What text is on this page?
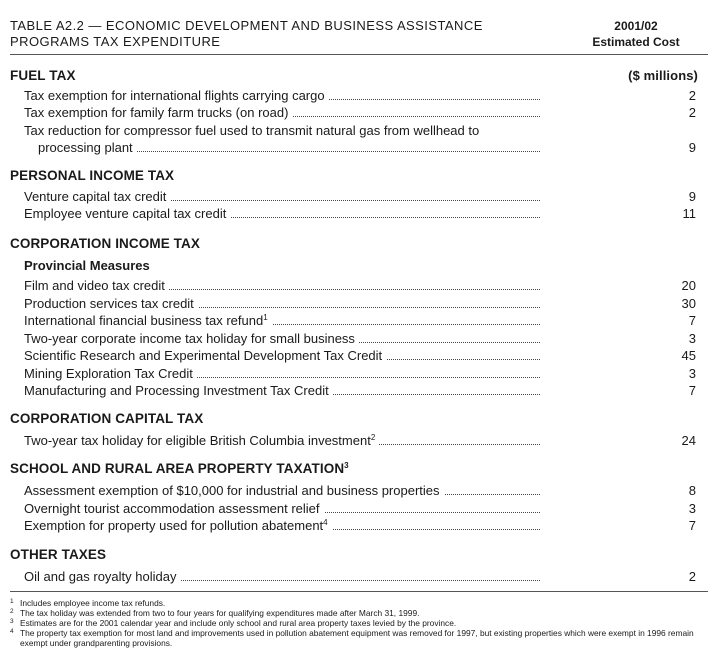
TABLE A2.2 — ECONOMIC DEVELOPMENT AND BUSINESS ASSISTANCE
PROGRAMS TAX EXPENDITURE
2001/02
Estimated Cost
FUEL TAX	($ millions)
Tax exemption for international flights carrying cargo	2
Tax exemption for family farm trucks (on road)	2
Tax reduction for compressor fuel used to transmit natural gas from wellhead to
processing plant	9
PERSONAL INCOME TAX
Venture capital tax credit	9
Employee venture capital tax credit	11
CORPORATION INCOME TAX
Provincial Measures
Film and video tax credit	20
Production services tax credit	30
International financial business tax refund$^1$	7
Two-year corporate income tax holiday for small business	3
Scientific Research and Experimental Development Tax Credit	45
Mining Exploration Tax Credit	3
Manufacturing and Processing Investment Tax Credit	7
CORPORATION CAPITAL TAX
Two-year tax holiday for eligible British Columbia investment$^2$	24
SCHOOL AND RURAL AREA PROPERTY TAXATION$^3$
Assessment exemption of $10,000 for industrial and business properties	8
Overnight tourist accommodation assessment relief	3
Exemption for property used for pollution abatement$^4$	7
OTHER TAXES
Oil and gas royalty holiday	2
1 Includes employee income tax refunds.
2 The tax holiday was extended from two to four years for qualifying expenditures made after March 31, 1999.
3 Estimates are for the 2001 calendar year and include only school and rural area property taxes levied by the province.
4 The property tax exemption for most land and improvements used in pollution abatement equipment was removed for 1997, but existing properties which were exempt in 1996 remain exempt under grandparenting provisions.
